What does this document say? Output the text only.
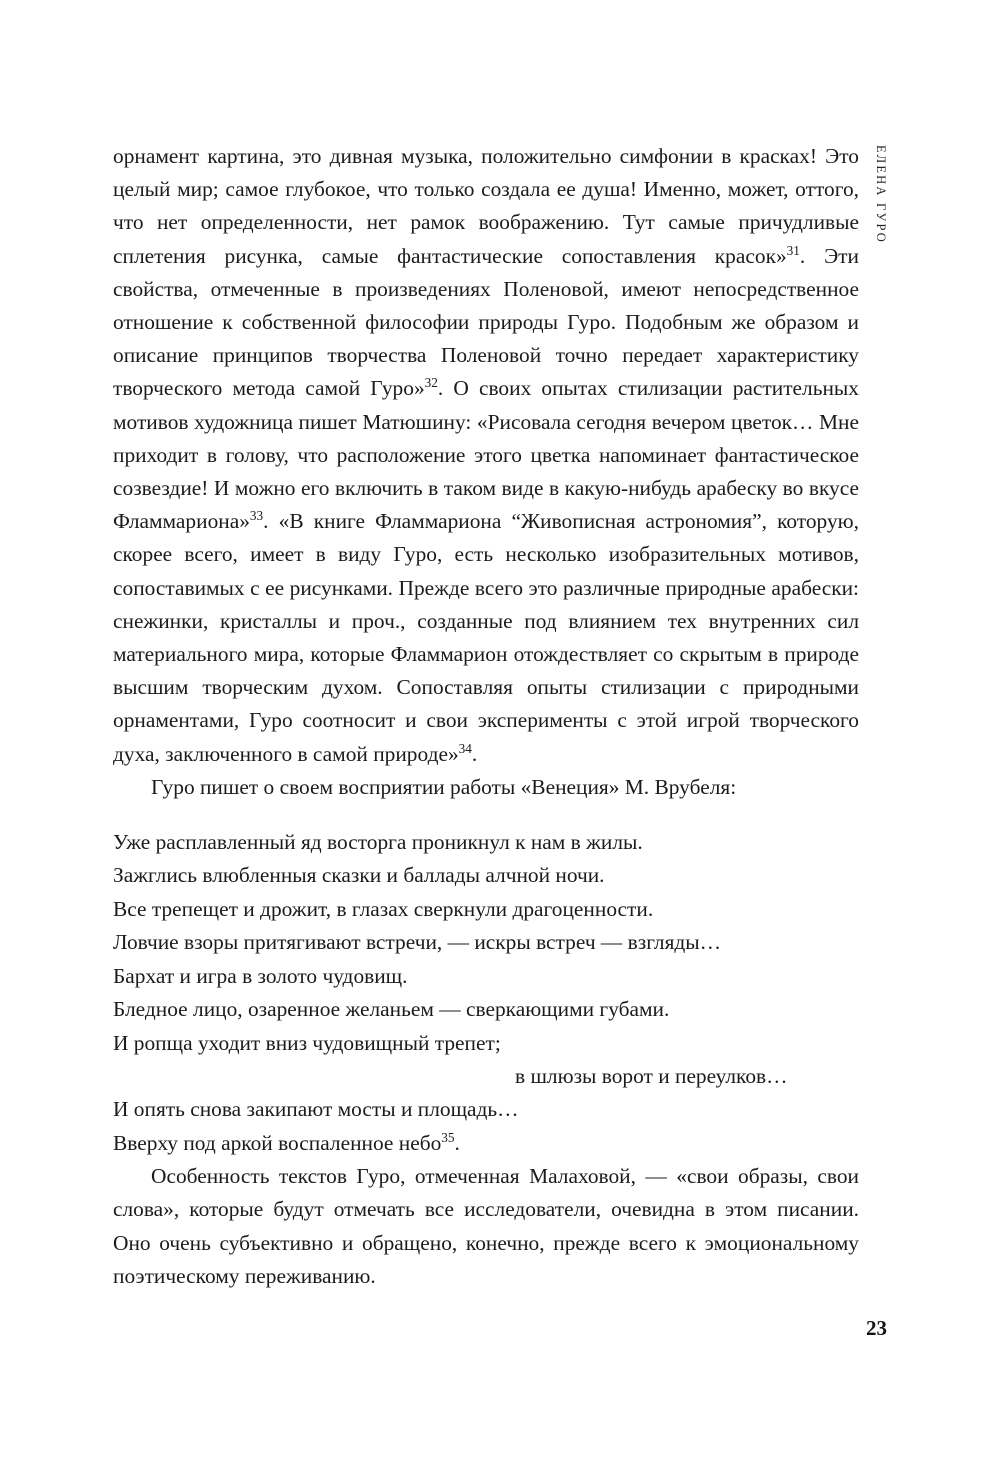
ЕЛЕНА ГУРО

орнамент картина, это дивная музыка, положительно симфонии в красках! Это целый мир; самое глубокое, что только создала ее душа! Именно, может, оттого, что нет определенности, нет рамок воображению. Тут самые причудливые сплетения рисунка, самые фантастические сопоставления красок»$^{31}$. Эти свойства, отмеченные в произведениях Поленовой, имеют непосредственное отношение к собственной философии природы Гуро. Подобным же образом и описание принципов творчества Поленовой точно передает характеристику творческого метода самой Гуро»$^{32}$. О своих опытах стилизации растительных мотивов художница пишет Матюшину: «Рисовала сегодня вечером цветок… Мне приходит в голову, что расположение этого цветка напоминает фантастическое созвездие! И можно его включить в таком виде в какую-нибудь арабеску во вкусе Фламмариона»$^{33}$. «В книге Фламмариона “Живописная астрономия”, которую, скорее всего, имеет в виду Гуро, есть несколько изобразительных мотивов, сопоставимых с ее рисунками. Прежде всего это различные природные арабески: снежинки, кристаллы и проч., созданные под влиянием тех внутренних сил материального мира, которые Фламмарион отождествляет со скрытым в природе высшим творческим духом. Сопоставляя опыты стилизации с природными орнаментами, Гуро соотносит и свои эксперименты с этой игрой творческого духа, заключенного в самой природе»$^{34}$.

Гуро пишет о своем восприятии работы «Венеция» М. Врубеля:

Уже расплавленный яд восторга проникнул к нам в жилы.
Зажглись влюбленныя сказки и баллады алчной ночи.
Все трепещет и дрожит, в глазах сверкнули драгоценности.
Ловчие взоры притягивают встречи, — искры встреч — взгляды…
Бархат и игра в золото чудовищ.
Бледное лицо, озаренное желаньем — сверкающими губами.
И ропща уходит вниз чудовищный трепет;
в шлюзы ворот и переулков…
И опять снова закипают мосты и площадь…
Вверху под аркой воспаленное небо$^{35}$.

Особенность текстов Гуро, отмеченная Малаховой, — «свои образы, свои слова», которые будут отмечать все исследователи, очевидна в этом писании. Оно очень субъективно и обращено, конечно, прежде всего к эмоциональному поэтическому переживанию.

23
